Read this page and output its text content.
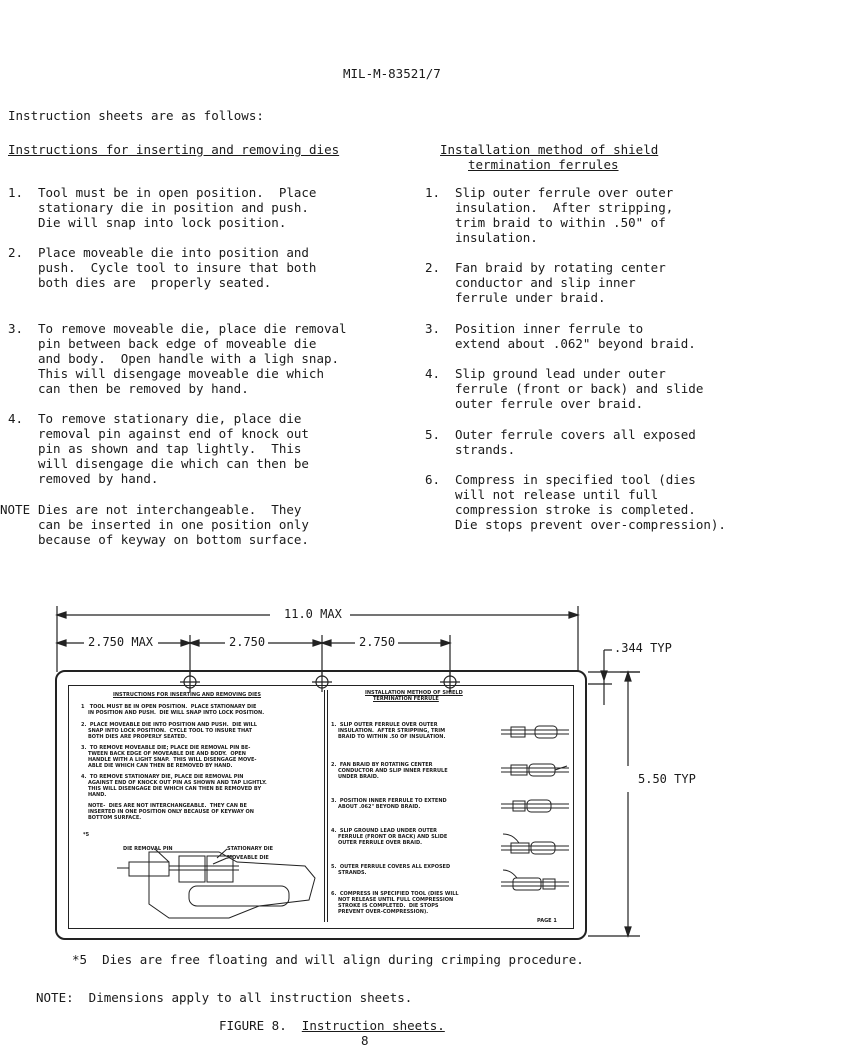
MIL-M-83521/7
Instruction sheets are as follows:
Instructions for inserting and removing dies	Installation method of shield
termination ferrules
1. Tool must be in open position.  Place
stationary die in position and push.
Die will snap into lock position.
2. Place moveable die into position and
push.  Cycle tool to insure that both
both dies are  properly seated.
3. To remove moveable die, place die removal
pin between back edge of moveable die
and body.  Open handle with a ligh snap.
This will disengage moveable die which
can then be removed by hand.
4. To remove stationary die, place die
removal pin against end of knock out
pin as shown and tap lightly.  This
will disengage die which can then be
removed by hand.
NOTE Dies are not interchangeable.  They
can be inserted in one position only
because of keyway on bottom surface.
1. Slip outer ferrule over outer
insulation.  After stripping,
trim braid to within .50" of
insulation.
2. Fan braid by rotating center
conductor and slip inner
ferrule under braid.
3. Position inner ferrule to
extend about .062" beyond braid.
4. Slip ground lead under outer
ferrule (front or back) and slide
outer ferrule over braid.
5. Outer ferrule covers all exposed
strands.
6. Compress in specified tool (dies
will not release until full
compression stroke is completed.
Die stops prevent over-compression).
11.0 MAX
2.750 MAX	2.750	2.750	.344 TYP
5.50 TYP
INSTRUCTIONS FOR INSERTING AND REMOVING DIES
1   TOOL MUST BE IN OPEN POSITION.  PLACE STATIONARY DIE
IN POSITION AND PUSH.  DIE WILL SNAP INTO LOCK POSITION.
2.  PLACE MOVEABLE DIE INTO POSITION AND PUSH.  DIE WILL
SNAP INTO LOCK POSITION.  CYCLE TOOL TO INSURE THAT
BOTH DIES ARE PROPERLY SEATED.
3.  TO REMOVE MOVEABLE DIE; PLACE DIE REMOVAL PIN BE-
TWEEN BACK EDGE OF MOVEABLE DIE AND BODY.  OPEN
HANDLE WITH A LIGHT SNAP.  THIS WILL DISENGAGE MOVE-
ABLE DIE WHICH CAN THEN BE REMOVED BY HAND.
4.  TO REMOVE STATIONARY DIE, PLACE DIE REMOVAL PIN
AGAINST END OF KNOCK OUT PIN AS SHOWN AND TAP LIGHTLY.
THIS WILL DISENGAGE DIE WHICH CAN THEN BE REMOVED BY
HAND.
NOTE-  DIES ARE NOT INTERCHANGEABLE.  THEY CAN BE
INSERTED IN ONE POSITION ONLY BECAUSE OF KEYWAY ON
BOTTOM SURFACE.
*5
DIE REMOVAL PIN	STATIONARY DIE
MOVEABLE DIE
INSTALLATION METHOD OF SHIELD
TERMINATION FERRULE
1.  SLIP OUTER FERRULE OVER OUTER
INSULATION.  AFTER STRIPPING, TRIM
BRAID TO WITHIN .50 OF INSULATION.
2.  FAN BRAID BY ROTATING CENTER
CONDUCTOR AND SLIP INNER FERRULE
UNDER BRAID.
3.  POSITION INNER FERRULE TO EXTEND
ABOUT .062" BEYOND BRAID.
4.  SLIP GROUND LEAD UNDER OUTER
FERRULE (FRONT OR BACK) AND SLIDE
OUTER FERRULE OVER BRAID.
5.  OUTER FERRULE COVERS ALL EXPOSED
STRANDS.
6.  COMPRESS IN SPECIFIED TOOL (DIES WILL
NOT RELEASE UNTIL FULL COMPRESSION
STROKE IS COMPLETED.  DIE STOPS
PREVENT OVER-COMPRESSION).
PAGE 1
*5  Dies are free floating and will align during crimping procedure.
NOTE:  Dimensions apply to all instruction sheets.
FIGURE 8. Instruction sheets.
8
